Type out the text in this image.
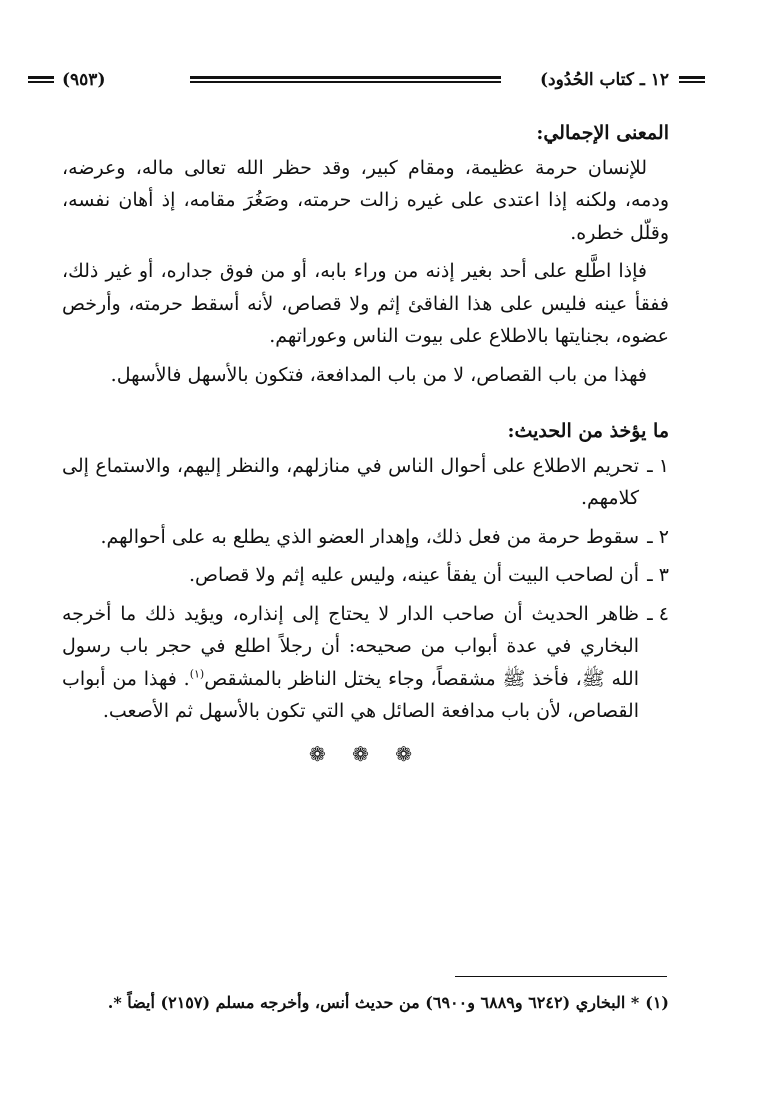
١٢ ـ كتاب الحُدُود)
(٩٥٣)
المعنى الإجمالي:

للإنسان حرمة عظيمة، ومقام كبير، وقد حظر الله تعالى ماله، وعرضه، ودمه، ولكنه إذا اعتدى على غيره زالت حرمته، وصَغُرَ مقامه، إذ أهان نفسه، وقلّل خطره.

فإذا اطَّلع على أحد بغير إذنه من وراء بابه، أو من فوق جداره، أو غير ذلك، ففقأ عينه فليس على هذا الفاقئ إثم ولا قصاص، لأنه أسقط حرمته، وأرخص عضوه، بجنايتها بالاطلاع على بيوت الناس وعوراتهم.

فهذا من باب القصاص، لا من باب المدافعة، فتكون بالأسهل فالأسهل.

ما يؤخذ من الحديث:
١ ـ
تحريم الاطلاع على أحوال الناس في منازلهم، والنظر إليهم، والاستماع إلى كلامهم.
٢ ـ
سقوط حرمة من فعل ذلك، وإهدار العضو الذي يطلع به على أحوالهم.
٣ ـ
أن لصاحب البيت أن يفقأ عينه، وليس عليه إثم ولا قصاص.
٤ ـ
ظاهر الحديث أن صاحب الدار لا يحتاج إلى إنذاره، ويؤيد ذلك ما أخرجه البخاري في عدة أبواب من صحيحه: أن رجلاً اطلع في حجر باب رسول الله ﷺ، فأخذ ﷺ مشقصاً، وجاء يختل الناظر بالمشقص$^{(١)}$. فهذا من أبواب القصاص، لأن باب مدافعة الصائل هي التي تكون بالأسهل ثم الأصعب.
❁ ❁ ❁
(١)* البخاري (٦٢٤٢ و٦٨٨٩ و٦٩٠٠) من حديث أنس، وأخرجه مسلم (٢١٥٧) أيضاً *.
